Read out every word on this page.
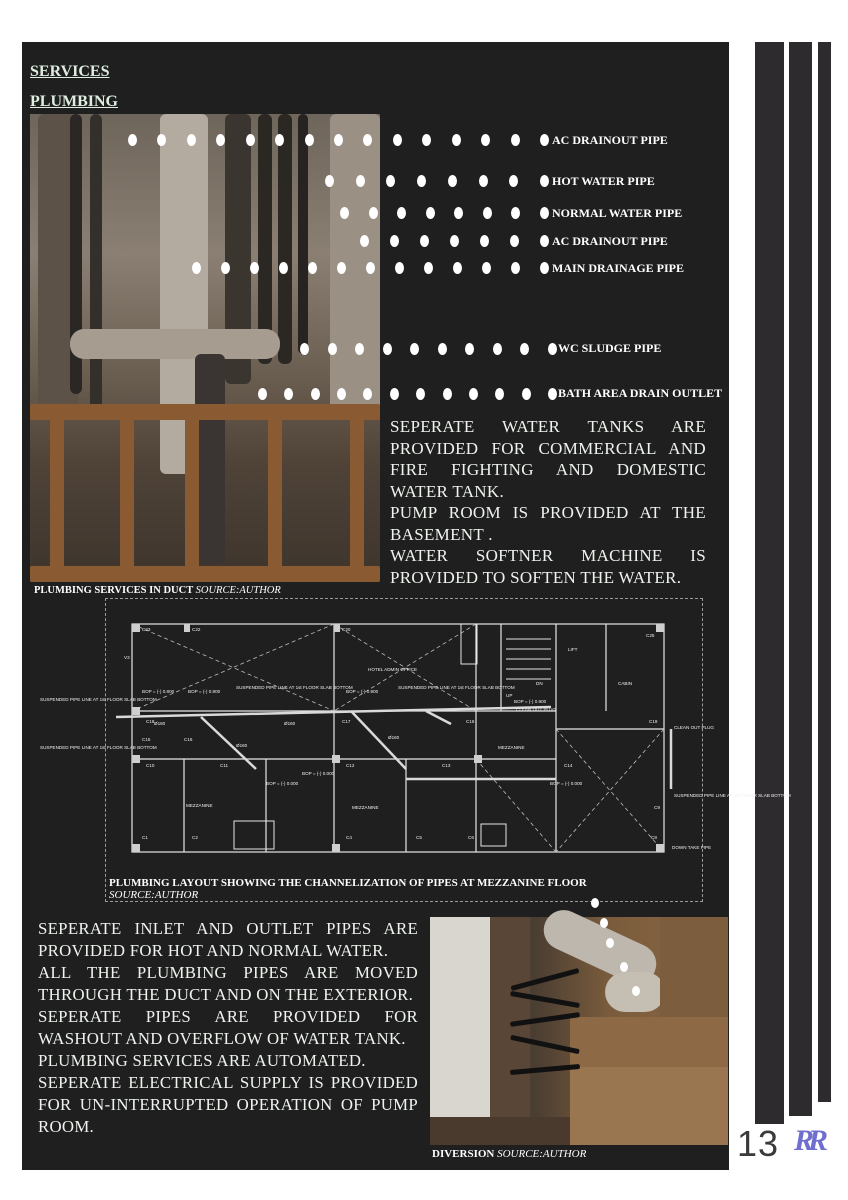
SERVICES
PLUMBING
AC DRAINOUT PIPE
HOT WATER PIPE
NORMAL WATER PIPE
AC DRAINOUT PIPE
MAIN DRAINAGE PIPE
WC SLUDGE PIPE
BATH AREA DRAIN OUTLET

SEPERATE WATER TANKS ARE PROVIDED FOR COMMERCIAL AND FIRE FIGHTING AND DOMESTIC WATER TANK.

PUMP ROOM IS PROVIDED AT THE BASEMENT .

WATER SOFTNER MACHINE IS PROVIDED TO SOFTEN THE WATER.

PLUMBING SERVICES IN DUCT SOURCE:AUTHOR
C23	C22	C20
C25
V3
C18	C17	C16	C19
C15	C16
C10	C11	C12	C13	C14
C9
C1	C2	C4	C5	C6	C8
HOTEL ADMIN OFFICE
LIFT
CABIN
MEZZANINE	MEZZANINE
MEZZANINE
DN
UP
SUSPENDED PIPE LINE AT 1st FLOOR SLAB BOTTOM
SUSPENDED PIPE LINE AT 1st FLOOR SLAB BOTTOM
BOP = (-) 0.800	BOP = (-) 0.900
SUSPENDED PIPE LINE AT 1st FLOOR SLAB BOTTOM
BOP = (-) 0.900
SUSPENDED PIPE LINE AT 1st FLOOR SLAB BOTTOM
BOP = (-) 0.900
CLEAN OUT PLUG
CLEAN OUT PLUG
Ø160	Ø160
Ø160
Ø160
BOP = (-) 0.000
BOP = (-) 0.000
BOP = (-) 0.000
SUSPENDED PIPE LINE AT 1st FLOOR SLAB BOTTOM
DOWN TAKE PIPE
PLUMBING LAYOUT SHOWING THE CHANNELIZATION OF PIPES AT MEZZANINE FLOOR
SOURCE:AUTHOR

SEPERATE INLET AND OUTLET PIPES ARE PROVIDED FOR HOT AND NORMAL WATER.

ALL THE PLUMBING PIPES ARE MOVED THROUGH THE DUCT AND ON THE EXTERIOR.

SEPERATE PIPES ARE PROVIDED FOR WASHOUT AND OVERFLOW OF WATER TANK.

PLUMBING SERVICES ARE AUTOMATED.

SEPERATE ELECTRICAL SUPPLY IS PROVIDED FOR UN-INTERRUPTED OPERATION OF PUMP ROOM.

DIVERSION SOURCE:AUTHOR	13 RR
